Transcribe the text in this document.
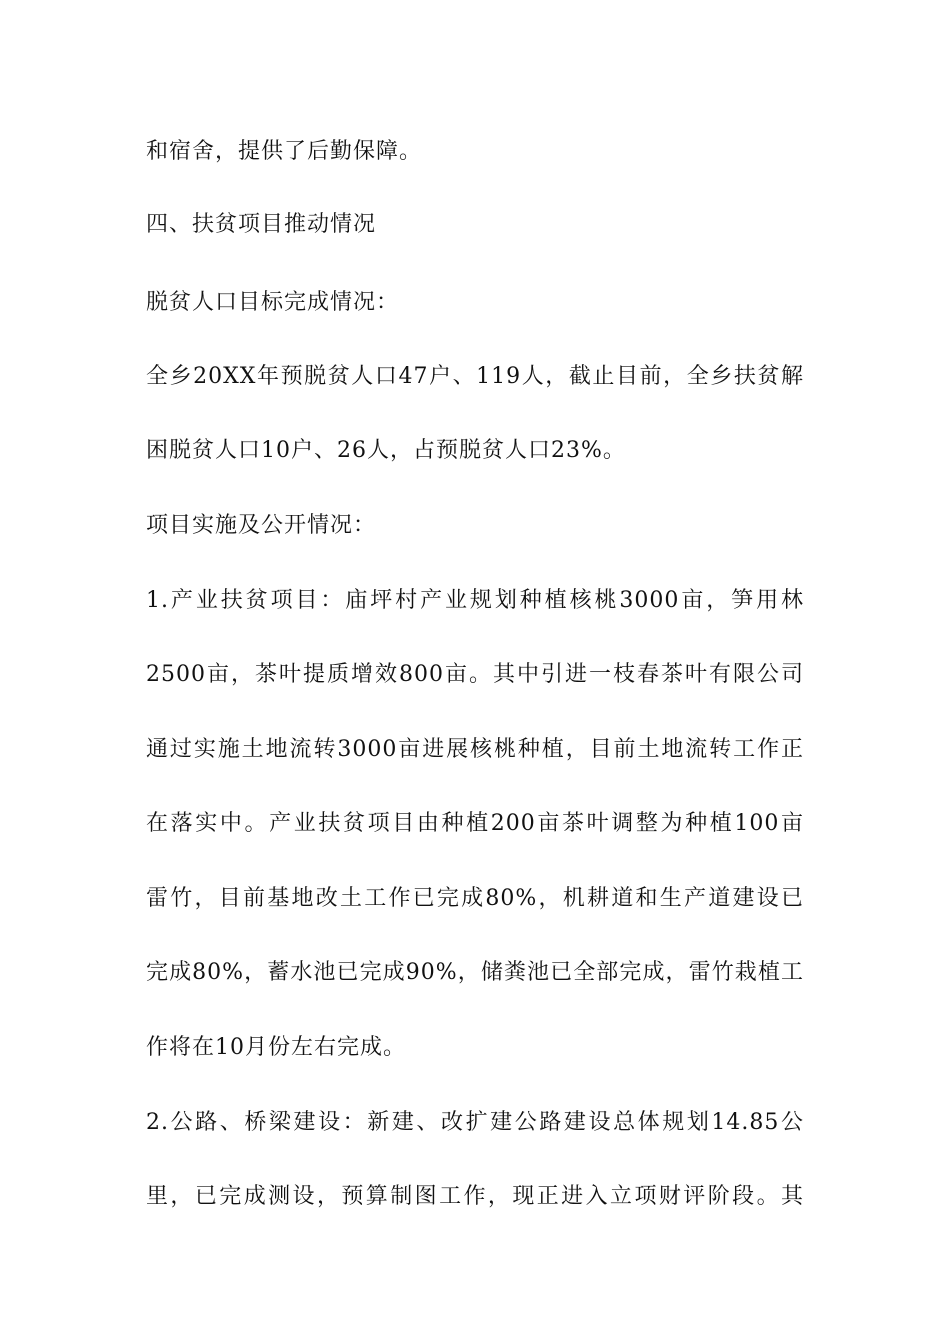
和宿舍，提供了后勤保障。
四、扶贫项目推动情况
脱贫人口目标完成情况：
全乡20XX年预脱贫人口47户、119人，截止目前，全乡扶贫解
困脱贫人口10户、26人，占预脱贫人口23%。
项目实施及公开情况：
1.产业扶贫项目：庙坪村产业规划种植核桃3000亩，笋用林
2500亩，茶叶提质增效800亩。其中引进一枝春茶叶有限公司
通过实施土地流转3000亩进展核桃种植，目前土地流转工作正
在落实中。产业扶贫项目由种植200亩茶叶调整为种植100亩
雷竹，目前基地改土工作已完成80%，机耕道和生产道建设已
完成80%，蓄水池已完成90%，储粪池已全部完成，雷竹栽植工
作将在10月份左右完成。
2.公路、桥梁建设：新建、改扩建公路建设总体规划14.85公
里，已完成测设，预算制图工作，现正进入立项财评阶段。其
